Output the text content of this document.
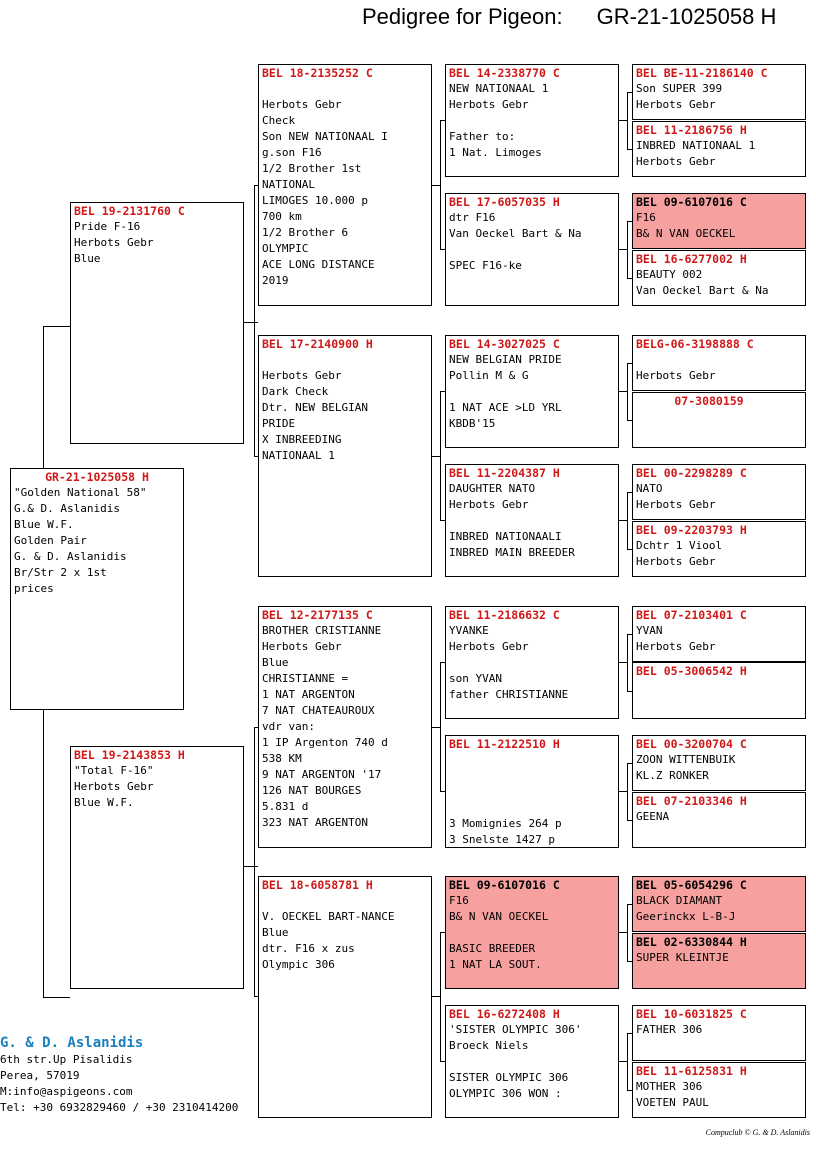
Pedigree for Pigeon: GR-21-1025058 H
GR-21-1025058 H
"Golden National 58"
G.& D. Aslanidis
Blue W.F.
Golden Pair
G. & D. Aslanidis
Br/Str 2 x 1st
prices
BEL 19-2131760 C
Pride F-16
Herbots Gebr
Blue
BEL 19-2143853 H
"Total F-16"
Herbots Gebr
Blue W.F.
BEL 18-2135252 C
Herbots Gebr
Check
Son NEW NATIONAAL I
g.son F16
1/2 Brother 1st
NATIONAL
LIMOGES 10.000 p
700 km
1/2 Brother 6
OLYMPIC
ACE LONG DISTANCE
2019
BEL 17-2140900 H
Herbots Gebr
Dark Check
Dtr. NEW BELGIAN
PRIDE
X INBREEDING
NATIONAAL 1
BEL 12-2177135 C
BROTHER CRISTIANNE
Herbots Gebr
Blue
CHRISTIANNE =
1 NAT ARGENTON
7 NAT CHATEAUROUX
vdr van:
1 IP Argenton 740 d
538 KM
9 NAT ARGENTON '17
126 NAT BOURGES
5.831 d
323 NAT ARGENTON
BEL 18-6058781 H
V. OECKEL BART-NANCE
Blue
dtr. F16 x zus
Olympic 306
BEL 14-2338770 C
NEW NATIONAAL 1
Herbots Gebr
Father to:
1 Nat. Limoges
BEL 17-6057035 H
dtr F16
Van Oeckel Bart & Na
SPEC F16-ke
BEL 14-3027025 C
NEW BELGIAN PRIDE
Pollin M & G
1 NAT ACE >LD YRL
KBDB'15
BEL 11-2204387 H
DAUGHTER NATO
Herbots Gebr
INBRED NATIONAALI
INBRED MAIN BREEDER
BEL 11-2186632 C
YVANKE
Herbots Gebr
son YVAN
father CHRISTIANNE
BEL 11-2122510 H
3 Momignies 264 p
3 Snelste 1427 p
BEL 09-6107016 C
F16
B& N VAN OECKEL
BASIC BREEDER
1 NAT LA SOUT.
BEL 16-6272408 H
'SISTER OLYMPIC 306'
Broeck Niels
SISTER OLYMPIC 306
OLYMPIC 306 WON :
BEL BE-11-2186140 C
Son SUPER 399
Herbots Gebr
BEL 11-2186756 H
INBRED NATIONAAL 1
Herbots Gebr
BEL 09-6107016 C
F16
B& N VAN OECKEL
BEL 16-6277002 H
BEAUTY 002
Van Oeckel Bart & Na
BELG-06-3198888 C
Herbots Gebr
07-3080159
BEL 00-2298289 C
NATO
Herbots Gebr
BEL 09-2203793 H
Dchtr 1 Viool
Herbots Gebr
BEL 07-2103401 C
YVAN
Herbots Gebr
BEL 05-3006542 H
BEL 00-3200704 C
ZOON WITTENBUIK
KL.Z RONKER
BEL 07-2103346 H
GEENA
BEL 05-6054296 C
BLACK DIAMANT
Geerinckx L-B-J
BEL 02-6330844 H
SUPER KLEINTJE
BEL 10-6031825 C
FATHER 306
BEL 11-6125831 H
MOTHER 306
VOETEN PAUL
G. & D. Aslanidis
6th str.Up Pisalidis
Perea, 57019
M:info@aspigeons.com
Tel: +30 6932829460 / +30 2310414200
Compuclub © G. & D. Aslanidis
